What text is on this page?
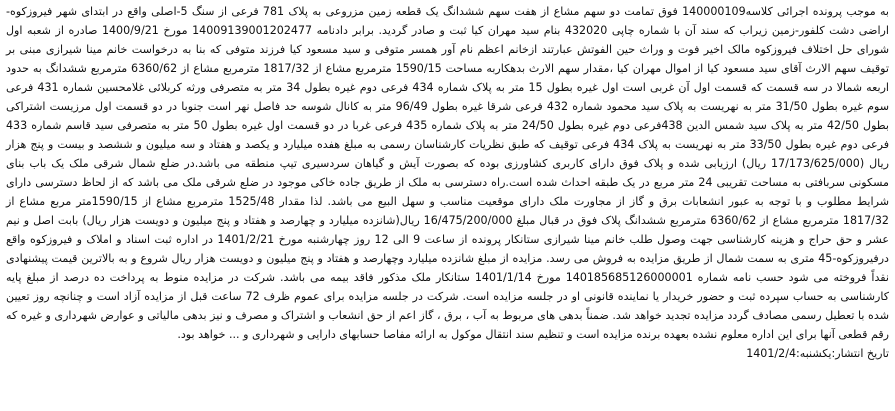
به موجب پرونده اجرائی کلاسه140000109 فوق تمامت دو سهم مشاع از هفت سهم ششدانگ یک قطعه زمین مزروعی به پلاک 781 فرعی از سنگ 5-اصلی واقع در ابتدای شهر فیروزکوه-اراضی دشت کلفور-زمین زیراب که سند آن با شماره چاپی 432020 بنام سید مهران کیا ثبت و صادر گردید. برابر دادنامه 140091390012024‌77 مورخ 1400/9/21 صادره از شعبه اول شورای حل اختلاف فیروزکوه مالک اخیر فوت و وراث حین الفوتش عبارتند ازخانم اعظم نام آور همسر متوفی و سید مسعود کیا فرزند متوفی که بنا به درخواست خانم مینا شیرازی مبنی بر توقیف سهم الارث آقای سید مسعود کیا از اموال مهران کیا ،مقدار سهم الارث بدهکاربه مساحت 1590/15 مترمربع مشاع از 1817/32 مترمربع مشاع از 6360/62 مترمربع ششدانگ به حدود اربعه شمالا در سه قسمت که قسمت اول آن غربی است اول غیره بطول 15 متر به پلاک شماره 434 فرعی دوم غیره بطول 34 متر به متصرفی ورثه کربلائی غلامحسین شماره 431 فرعی سوم غیره بطول 31/50 متر به نهریست به پلاک سید محمود شماره 432 فرعی شرقا غیره بطول 96/49 متر به کانال شوسه حد فاصل نهر است جنوبا در دو قسمت اول مرزیست اشتراکی بطول 42/50 متر به پلاک سید شمس الدین 438فرعی دوم غیره بطول 24/50 متر به پلاک شماره 435 فرعی غربا در دو قسمت اول غیره بطول 50 متر به متصرفی سید قاسم شماره 433 فرعی دوم غیره بطول 33/50 متر به نهریست به پلاک 434 فرعی توقیف که طبق نظریات کارشناسان رسمی به مبلغ هفده میلیارد و یکصد و هفتاد و سه میلیون و ششصد و بیست و پنج هزار ریال (17/173/625/000 ریال) ارزیابی شده و پلاک فوق دارای کاربری کشاورزی بوده که بصورت آیش و گیاهان سردسیری تیپ منطقه می باشد.در ضلع شمال شرقی ملک یک باب بنای مسکونی سربافتی به مساحت تقریبی 24 متر مربع در یک طبقه احداث شده است.راه دسترسی به ملک از طریق جاده خاکی موجود در ضلع شرقی ملک می باشد که از لحاظ دسترسی دارای شرایط مطلوب و با توجه به عبور انشعابات برق و گاز از مجاورت ملک دارای موقعیت مناسب و سهل البیع می باشد. لذا مقدار 1525/48 مترمربع مشاع از 1590/15متر مربع مشاع از 1817/32 مترمربع مشاع از 6360/62 مترمربع ششدانگ پلاک فوق در قبال مبلغ 16/475/200/000 ریال(شانزده میلیارد و چهارصد و هفتاد و پنج میلیون و دویست هزار ریال) بابت اصل و نیم عشر و حق حراج و هزینه کارشناسی جهت وصول طلب خانم مینا شیرازی ستانکار پرونده از ساعت 9 الی 12 روز چهارشنبه مورخ 1401/2/21 در اداره ثبت اسناد و املاک و فیروزکوه واقع درفیروزکوه-45 متری به سمت شمال از طریق مزایده به فروش می رسد. مزایده از مبلغ شانزده میلیارد وچهارصد و هفتاد و پنج میلیون و دویست هزار ریال شروع و به بالاترین قیمت پیشنهادی نقداً فروخته می شود حسب نامه شماره 140185685126000001 مورخ 1401/1/14 ستانکار ملک مذکور فاقد بیمه می باشد. شرکت در مزایده منوط به پرداخت ده درصد از مبلغ پایه کارشناسی به حساب سپرده ثبت و حضور خریدار یا نماینده قانونی او در جلسه مزایده است. شرکت در جلسه مزایده برای عموم ظرف 72 ساعت قبل از مزایده آزاد است و چنانچه روز تعیین شده با تعطیل رسمی مصادف گردد مزایده تجدید خواهد شد. ضمناً بدهی های مربوط به آب ، برق ، گاز اعم از حق انشعاب و اشتراک و مصرف و نیز بدهی مالیاتی و عوارض شهرداری و غیره که رقم قطعی آنها برای این اداره معلوم نشده بعهده برنده مزایده است و تنظیم سند انتقال موکول به ارائه مفاصا حسابهای دارایی و شهرداری و ... خواهد بود.

تاریخ انتشار:یکشنبه:1401/2/4
